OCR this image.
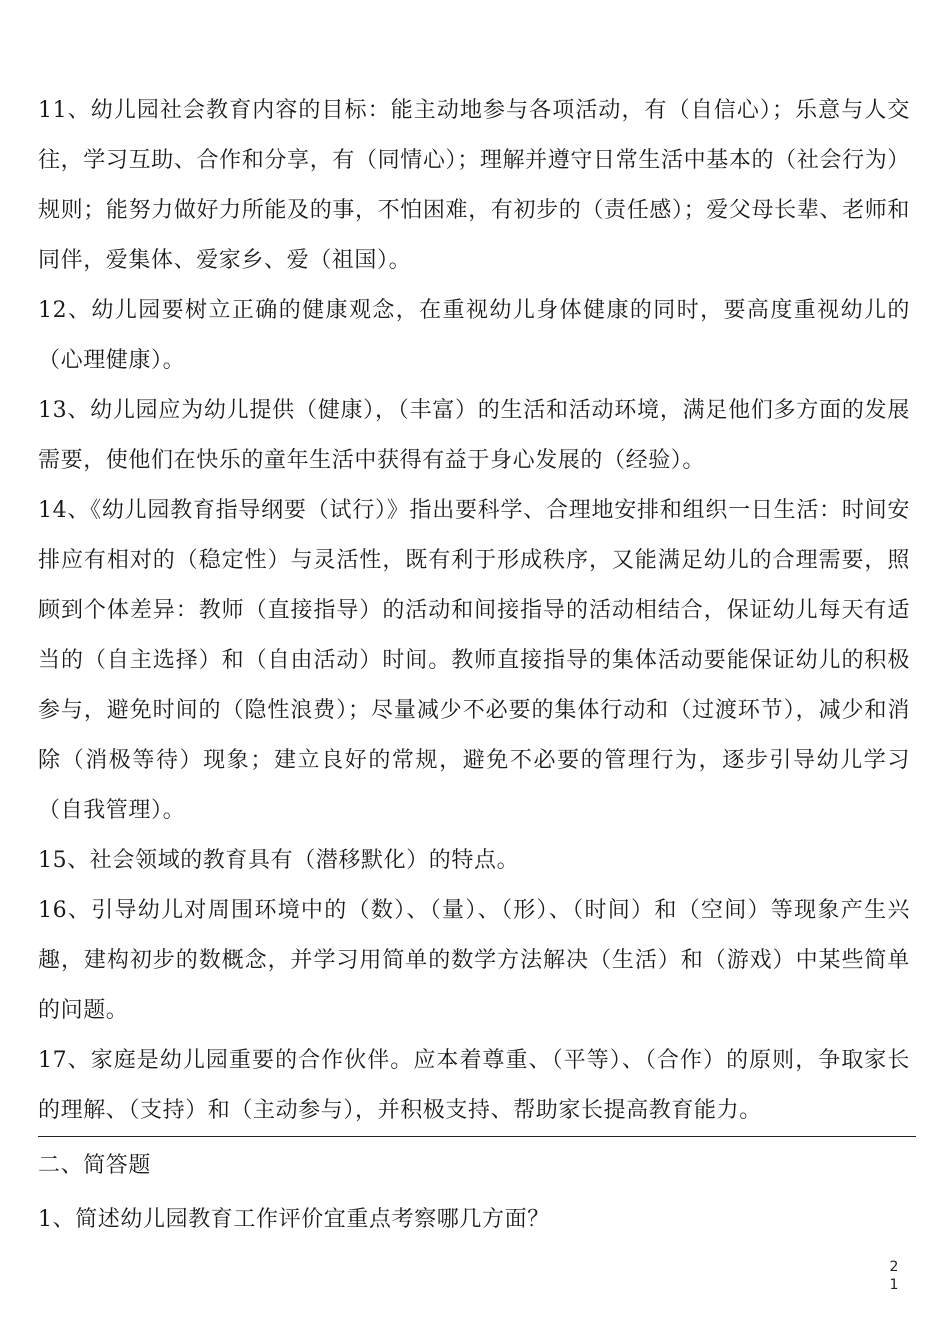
11、幼儿园社会教育内容的目标：能主动地参与各项活动，有（自信心）；乐意与人交往，学习互助、合作和分享，有（同情心）；理解并遵守日常生活中基本的（社会行为）规则；能努力做好力所能及的事，不怕困难，有初步的（责任感）；爱父母长辈、老师和同伴，爱集体、爱家乡、爱（祖国）。

12、幼儿园要树立正确的健康观念，在重视幼儿身体健康的同时，要高度重视幼儿的（心理健康）。

13、幼儿园应为幼儿提供（健康），（丰富）的生活和活动环境，满足他们多方面的发展需要，使他们在快乐的童年生活中获得有益于身心发展的（经验）。

14、《幼儿园教育指导纲要（试行）》指出要科学、合理地安排和组织一日生活：时间安排应有相对的（稳定性）与灵活性，既有利于形成秩序，又能满足幼儿的合理需要，照顾到个体差异：教师（直接指导）的活动和间接指导的活动相结合，保证幼儿每天有适当的（自主选择）和（自由活动）时间。教师直接指导的集体活动要能保证幼儿的积极参与，避免时间的（隐性浪费）；尽量减少不必要的集体行动和（过渡环节），减少和消除（消极等待）现象；建立良好的常规，避免不必要的管理行为，逐步引导幼儿学习（自我管理）。

15、社会领域的教育具有（潜移默化）的特点。

16、引导幼儿对周围环境中的（数）、（量）、（形）、（时间）和（空间）等现象产生兴趣，建构初步的数概念，并学习用简单的数学方法解决（生活）和（游戏）中某些简单的问题。

17、家庭是幼儿园重要的合作伙伴。应本着尊重、（平等）、（合作）的原则，争取家长的理解、（支持）和（主动参与），并积极支持、帮助家长提高教育能力。

二、简答题

1、简述幼儿园教育工作评价宜重点考察哪几方面？

2
1
